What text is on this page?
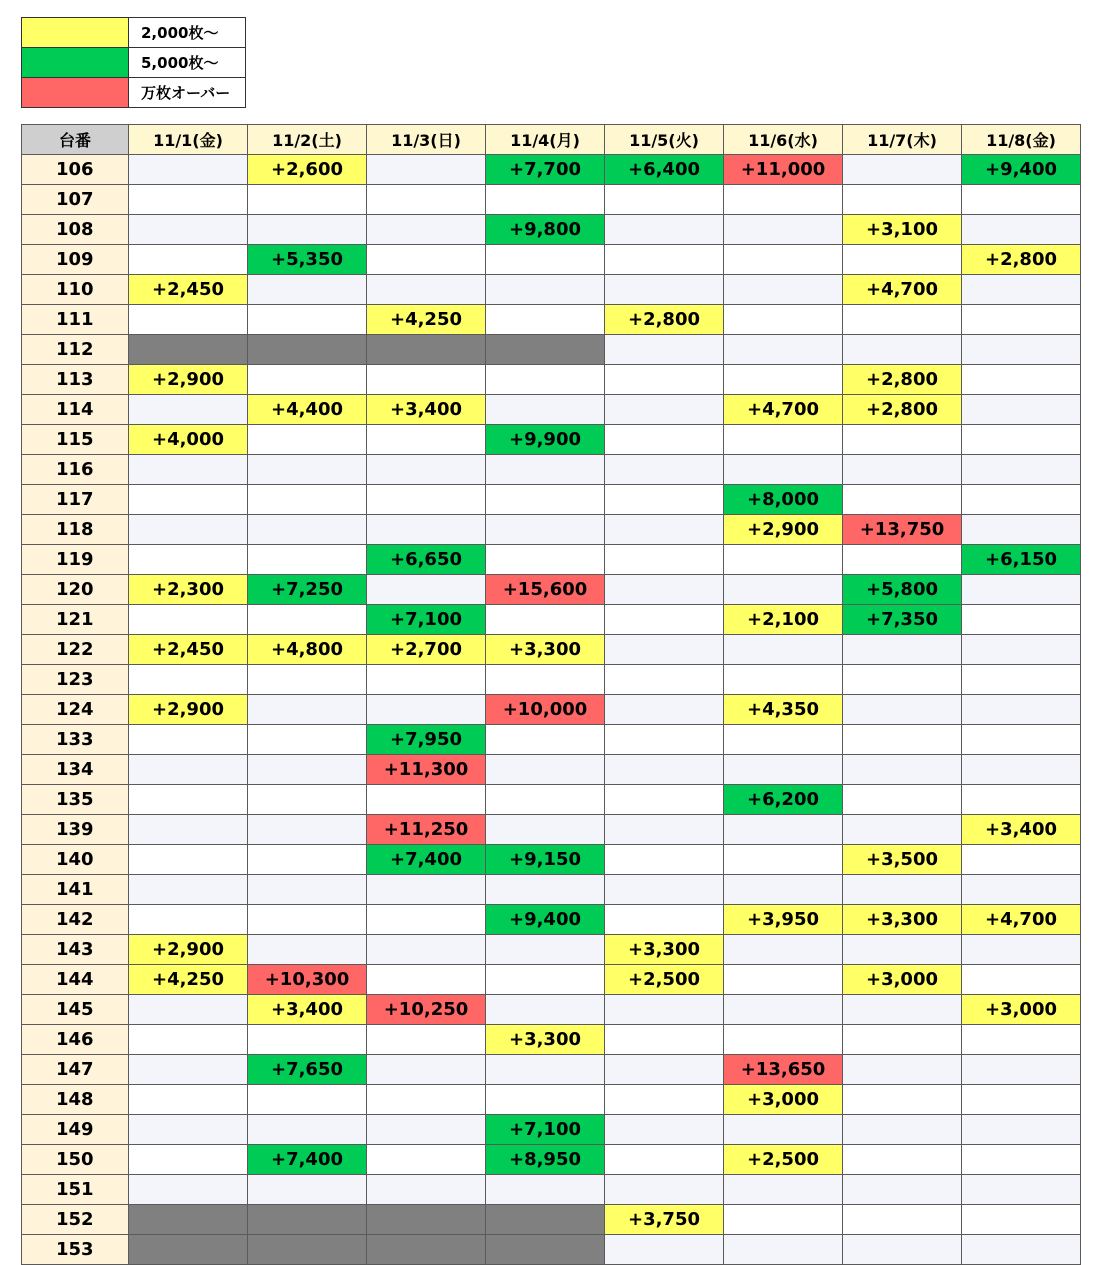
	2,000枚～
	5,000枚～
	万枚オーバー
台番	11/1(金)	11/2(土)	11/3(日)	11/4(月)	11/5(火)	11/6(水)	11/7(木)	11/8(金)
106		+2,600		+7,700	+6,400	+11,000		+9,400
107								
108				+9,800			+3,100	
109		+5,350						+2,800
110	+2,450						+4,700	
111			+4,250		+2,800			
112								
113	+2,900						+2,800	
114		+4,400	+3,400			+4,700	+2,800	
115	+4,000			+9,900				
116								
117						+8,000		
118						+2,900	+13,750	
119			+6,650					+6,150
120	+2,300	+7,250		+15,600			+5,800	
121			+7,100			+2,100	+7,350	
122	+2,450	+4,800	+2,700	+3,300				
123								
124	+2,900			+10,000		+4,350		
133			+7,950					
134			+11,300					
135						+6,200		
139			+11,250					+3,400
140			+7,400	+9,150			+3,500	
141								
142				+9,400		+3,950	+3,300	+4,700
143	+2,900				+3,300			
144	+4,250	+10,300			+2,500		+3,000	
145		+3,400	+10,250					+3,000
146				+3,300				
147		+7,650				+13,650		
148						+3,000		
149				+7,100				
150		+7,400		+8,950		+2,500		
151								
152					+3,750			
153								
